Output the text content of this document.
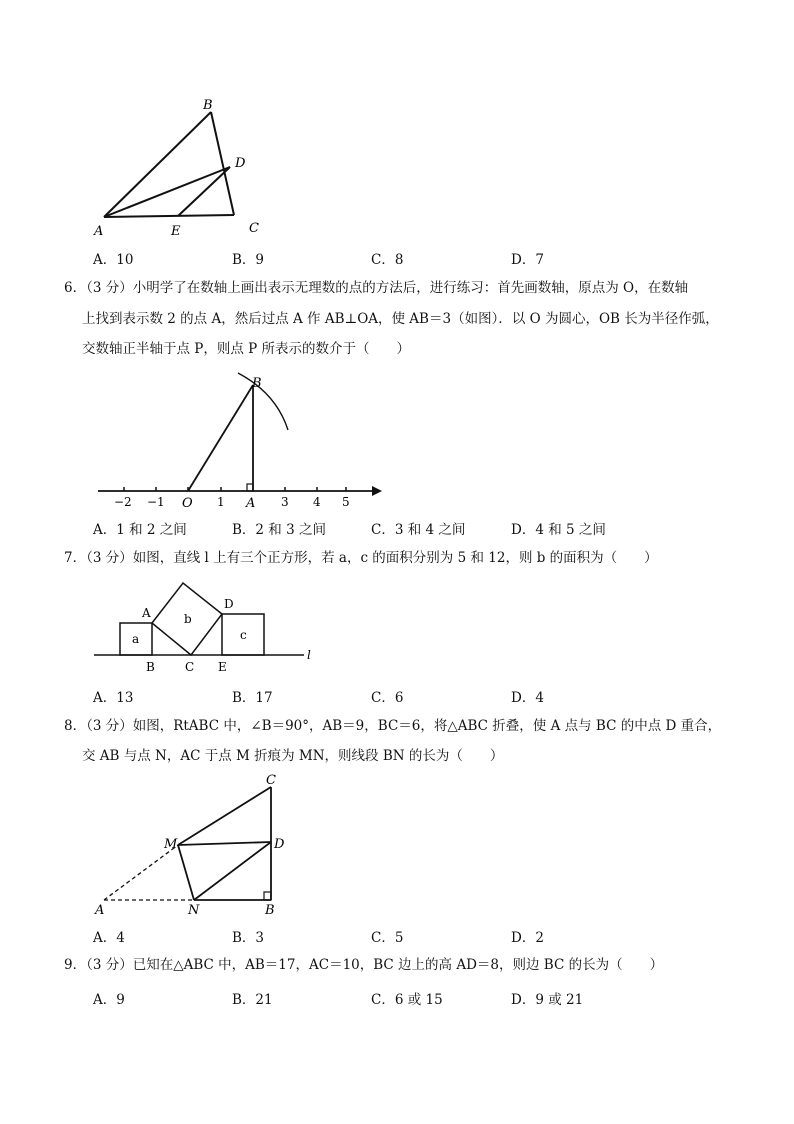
B
D
A	E	C
A．10	B．9	C．8	D．7
6．（3 分）小明学了在数轴上画出表示无理数的点的方法后，进行练习：首先画数轴，原点为 O，在数轴
上找到表示数 2 的点 A，然后过点 A 作 AB⊥OA，使 AB＝3（如图）．以 O 为圆心，OB 长为半径作弧，
交数轴正半轴于点 P，则点 P 所表示的数介于（　　）
−2 −1	1	3 4 5
B
O	A
A．1 和 2 之间	B．2 和 3 之间	C．3 和 4 之间	D．4 和 5 之间
7．（3 分）如图，直线 l 上有三个正方形，若 a，c 的面积分别为 5 和 12，则 b 的面积为（　　）
a
b
c
A
D
B	C E
l
A．13	B．17	C．6	D．4
8．（3 分）如图，RtABC 中，∠B＝90°，AB＝9，BC＝6，将△ABC 折叠，使 A 点与 BC 的中点 D 重合，
交 AB 与点 N，AC 于点 M 折痕为 MN，则线段 BN 的长为（　　）
C
M	D
A	N	B
A．4	B．3	C．5	D．2
9．（3 分）已知在△ABC 中，AB＝17，AC＝10，BC 边上的高 AD＝8，则边 BC 的长为（　　）
A．9	B．21	C．6 或 15	D．9 或 21
